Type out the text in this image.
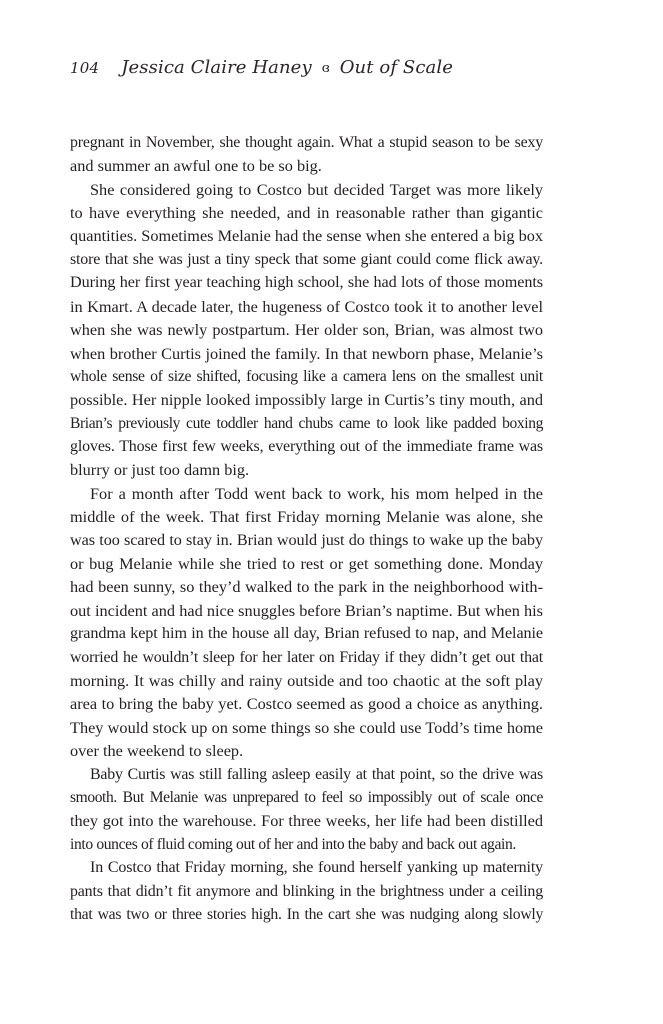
104 Jessica Claire Haney ɞ Out of Scale
pregnant in November, she thought again. What a stupid season to be sexy
and summer an awful one to be so big.
She considered going to Costco but decided Target was more likely
to have everything she needed, and in reasonable rather than gigantic
quantities. Sometimes Melanie had the sense when she entered a big box
store that she was just a tiny speck that some giant could come flick away.
During her first year teaching high school, she had lots of those moments
in Kmart. A decade later, the hugeness of Costco took it to another level
when she was newly postpartum. Her older son, Brian, was almost two
when brother Curtis joined the family. In that newborn phase, Melanie’s
whole sense of size shifted, focusing like a camera lens on the smallest unit
possible. Her nipple looked impossibly large in Curtis’s tiny mouth, and
Brian’s previously cute toddler hand chubs came to look like padded boxing
gloves. Those first few weeks, everything out of the immediate frame was
blurry or just too damn big.
For a month after Todd went back to work, his mom helped in the
middle of the week. That first Friday morning Melanie was alone, she
was too scared to stay in. Brian would just do things to wake up the baby
or bug Melanie while she tried to rest or get something done. Monday
had been sunny, so they’d walked to the park in the neighborhood with-
out incident and had nice snuggles before Brian’s naptime. But when his
grandma kept him in the house all day, Brian refused to nap, and Melanie
worried he wouldn’t sleep for her later on Friday if they didn’t get out that
morning. It was chilly and rainy outside and too chaotic at the soft play
area to bring the baby yet. Costco seemed as good a choice as anything.
They would stock up on some things so she could use Todd’s time home
over the weekend to sleep.
Baby Curtis was still falling asleep easily at that point, so the drive was
smooth. But Melanie was unprepared to feel so impossibly out of scale once
they got into the warehouse. For three weeks, her life had been distilled
into ounces of fluid coming out of her and into the baby and back out again.
In Costco that Friday morning, she found herself yanking up maternity
pants that didn’t fit anymore and blinking in the brightness under a ceiling
that was two or three stories high. In the cart she was nudging along slowly
